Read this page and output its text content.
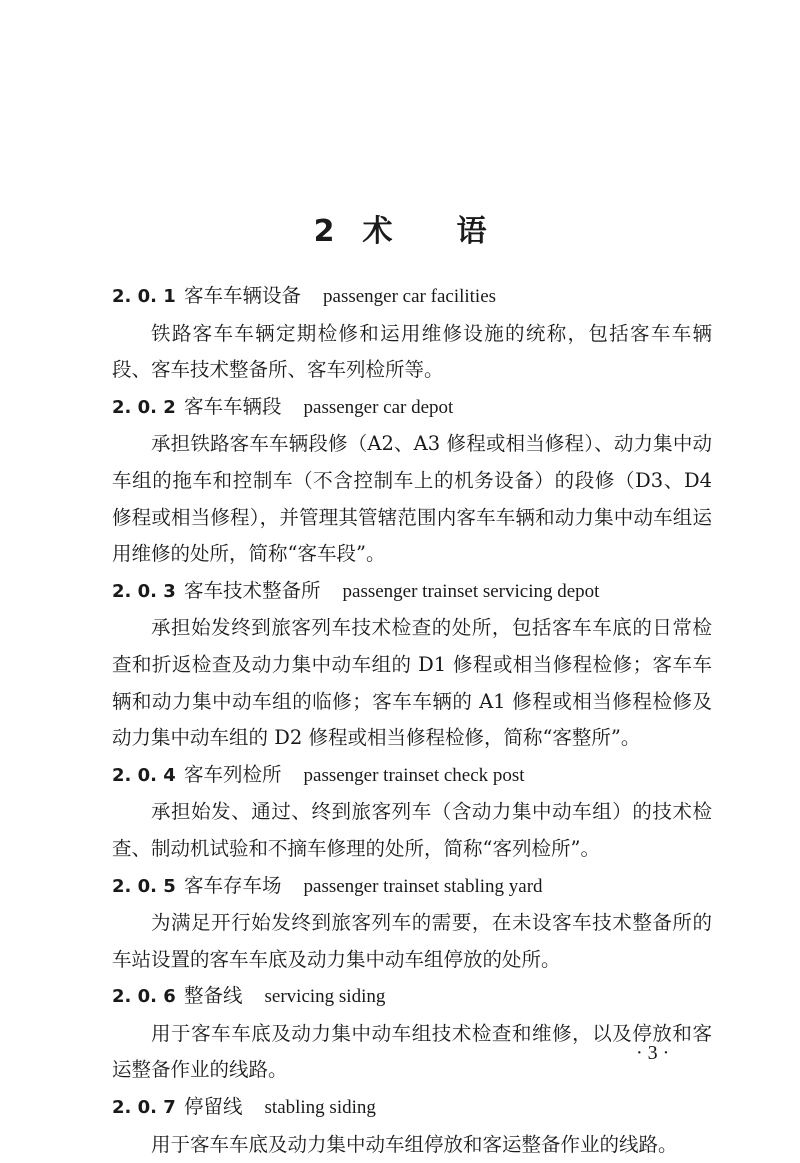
2 术 语
2. 0. 1 客车车辆设备 passenger car facilities

铁路客车车辆定期检修和运用维修设施的统称，包括客车车辆段、客车技术整备所、客车列检所等。

2. 0. 2 客车车辆段 passenger car depot

承担铁路客车车辆段修（A2、A3 修程或相当修程）、动力集中动车组的拖车和控制车（不含控制车上的机务设备）的段修（D3、D4 修程或相当修程），并管理其管辖范围内客车车辆和动力集中动车组运用维修的处所，简称“客车段”。

2. 0. 3 客车技术整备所 passenger trainset servicing depot

承担始发终到旅客列车技术检查的处所，包括客车车底的日常检查和折返检查及动力集中动车组的 D1 修程或相当修程检修；客车车辆和动力集中动车组的临修；客车车辆的 A1 修程或相当修程检修及动力集中动车组的 D2 修程或相当修程检修，简称“客整所”。

2. 0. 4 客车列检所 passenger trainset check post

承担始发、通过、终到旅客列车（含动力集中动车组）的技术检查、制动机试验和不摘车修理的处所，简称“客列检所”。

2. 0. 5 客车存车场 passenger trainset stabling yard

为满足开行始发终到旅客列车的需要，在未设客车技术整备所的车站设置的客车车底及动力集中动车组停放的处所。

2. 0. 6 整备线 servicing siding

用于客车车底及动力集中动车组技术检查和维修，以及停放和客运整备作业的线路。

2. 0. 7 停留线 stabling siding

用于客车车底及动力集中动车组停放和客运整备作业的线路。

· 3 ·
